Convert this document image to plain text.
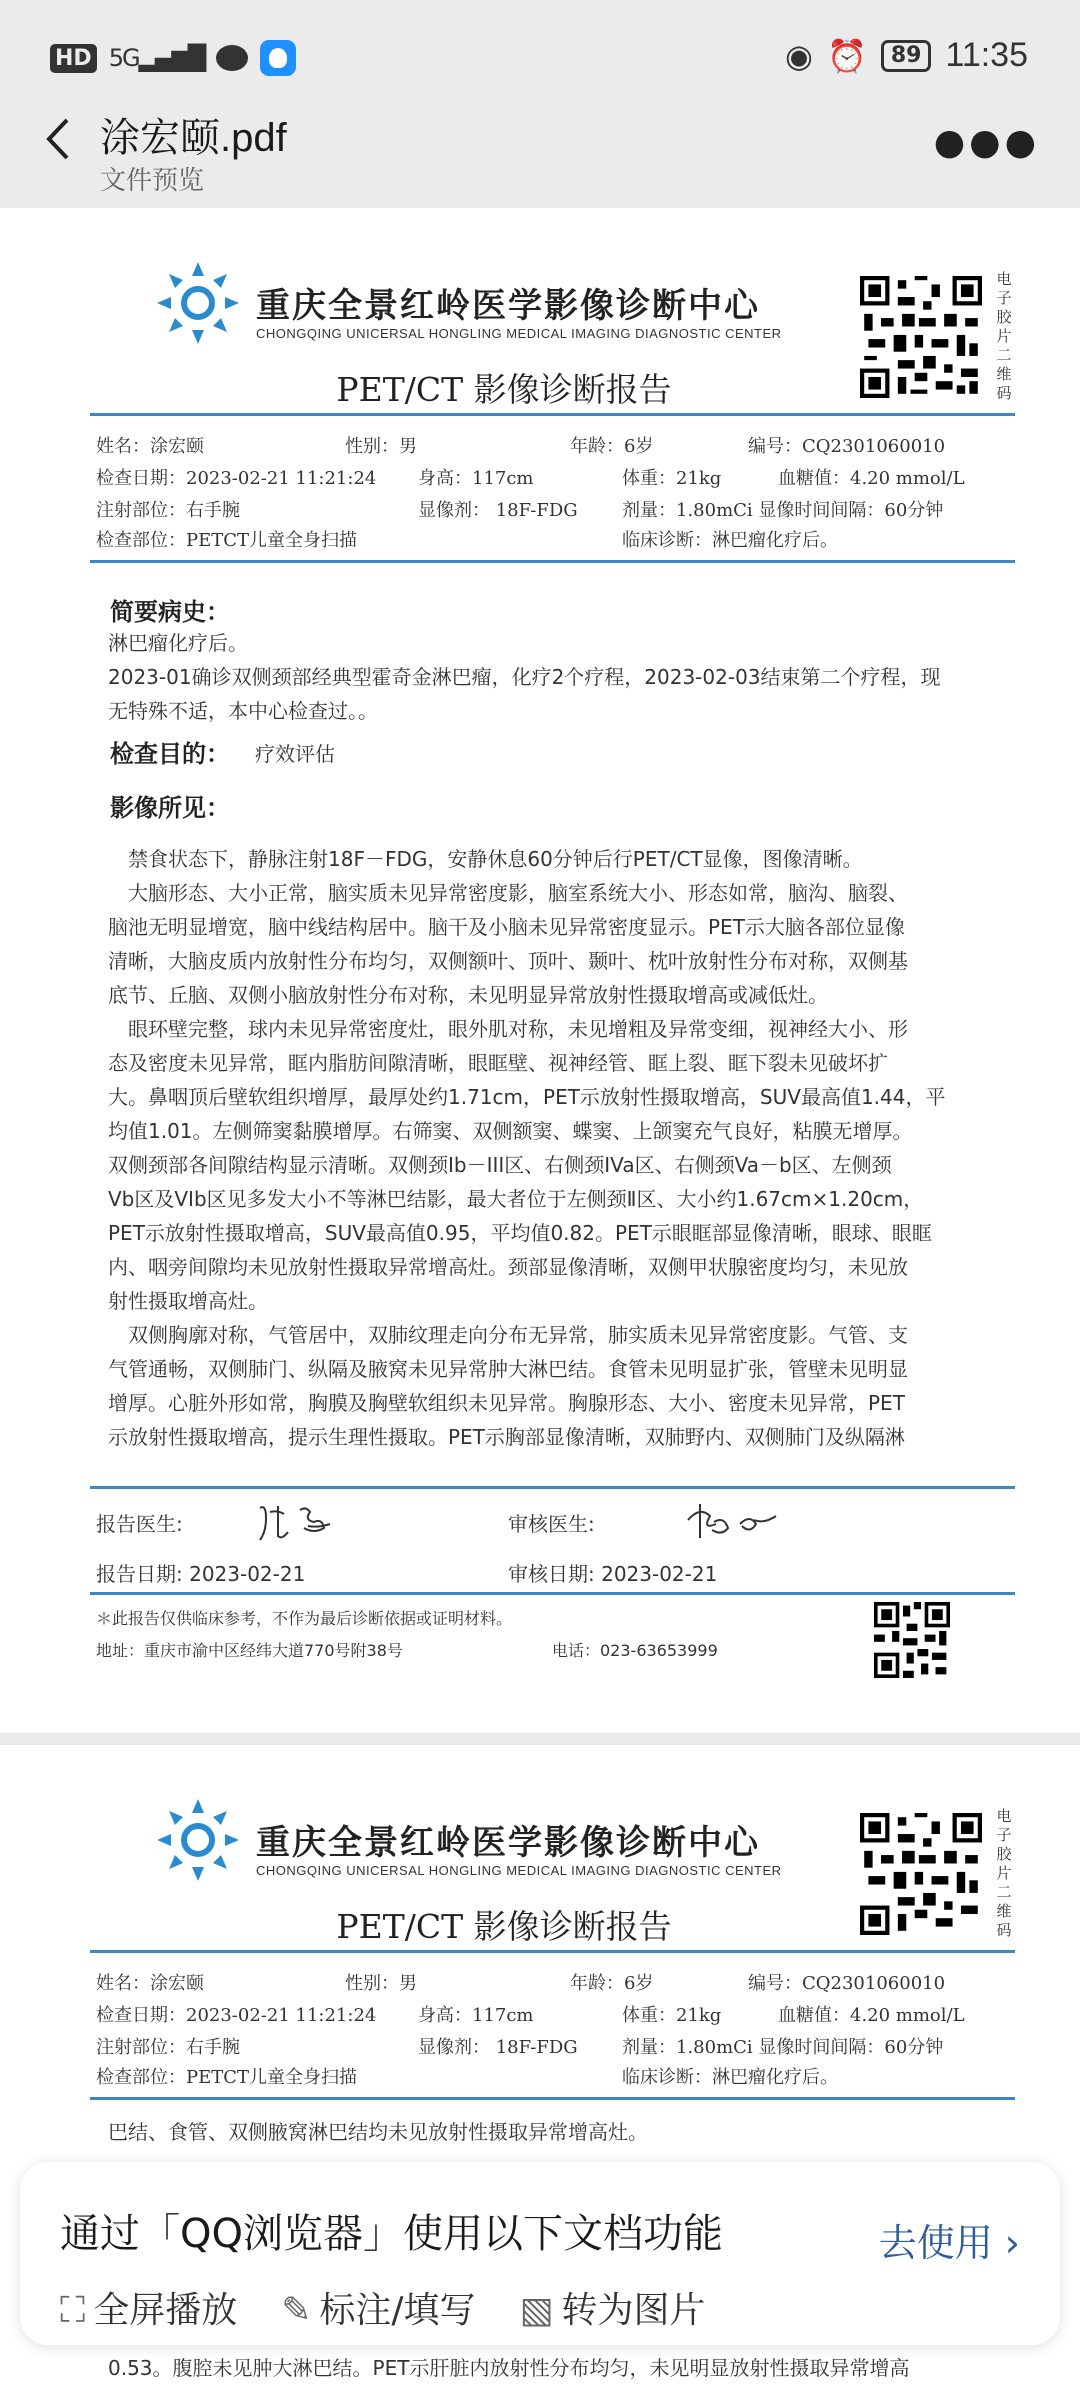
HD 5G▂▄▆█	◉ ⏰	89 11:35
涂宏颐.pdf
文件预览
●●●
重庆全景红岭医学影像诊断中心
CHONGQING UNICERSAL HONGLING MEDICAL IMAGING DIAGNOSTIC CENTER
电子胶片二维码
PET/CT 影像诊断报告
姓名：涂宏颐	性别：男	年龄：6岁	编号：CQ2301060010
检查日期：2023-02-21 11:21:24 身高：117cm	体重：21kg	血糖值：4.20 mmol/L
注射部位：右手腕	显像剂： 18F-FDG 剂量：1.80mCi 显像时间间隔：60分钟
检查部位：PETCT儿童全身扫描	临床诊断：淋巴瘤化疗后。
简要病史：
淋巴瘤化疗后。
2023-01确诊双侧颈部经典型霍奇金淋巴瘤，化疗2个疗程，2023-02-03结束第二个疗程，现
无特殊不适，本中心检查过。。
检查目的： 疗效评估
影像所见：
　禁食状态下，静脉注射18F－FDG，安静休息60分钟后行PET/CT显像，图像清晰。
　大脑形态、大小正常，脑实质未见异常密度影，脑室系统大小、形态如常，脑沟、脑裂、
脑池无明显增宽，脑中线结构居中。脑干及小脑未见异常密度显示。PET示大脑各部位显像
清晰，大脑皮质内放射性分布均匀，双侧额叶、顶叶、颞叶、枕叶放射性分布对称，双侧基
底节、丘脑、双侧小脑放射性分布对称，未见明显异常放射性摄取增高或减低灶。
　眼环壁完整，球内未见异常密度灶，眼外肌对称，未见增粗及异常变细，视神经大小、形
态及密度未见异常，眶内脂肪间隙清晰，眼眶壁、视神经管、眶上裂、眶下裂未见破坏扩
大。鼻咽顶后壁软组织增厚，最厚处约1.71cm，PET示放射性摄取增高，SUV最高值1.44，平
均值1.01。左侧筛窦黏膜增厚。右筛窦、双侧额窦、蝶窦、上颌窦充气良好，粘膜无增厚。
双侧颈部各间隙结构显示清晰。双侧颈Ib－III区、右侧颈IVa区、右侧颈Va－b区、左侧颈
Vb区及VIb区见多发大小不等淋巴结影，最大者位于左侧颈Ⅱ区、大小约1.67cm×1.20cm，
PET示放射性摄取增高，SUV最高值0.95，平均值0.82。PET示眼眶部显像清晰，眼球、眼眶
内、咽旁间隙均未见放射性摄取异常增高灶。颈部显像清晰，双侧甲状腺密度均匀，未见放
射性摄取增高灶。
　双侧胸廓对称，气管居中，双肺纹理走向分布无异常，肺实质未见异常密度影。气管、支
气管通畅，双侧肺门、纵隔及腋窝未见异常肿大淋巴结。食管未见明显扩张，管壁未见明显
增厚。心脏外形如常，胸膜及胸壁软组织未见异常。胸腺形态、大小、密度未见异常，PET
示放射性摄取增高，提示生理性摄取。PET示胸部显像清晰，双肺野内、双侧肺门及纵隔淋
报告医生:	审核医生:
报告日期: 2023-02-21	审核日期: 2023-02-21
＊此报告仅供临床参考，不作为最后诊断依据或证明材料。
地址：重庆市渝中区经纬大道770号附38号	电话：023-63653999
重庆全景红岭医学影像诊断中心
CHONGQING UNICERSAL HONGLING MEDICAL IMAGING DIAGNOSTIC CENTER
电子胶片二维码
PET/CT 影像诊断报告
姓名：涂宏颐	性别：男	年龄：6岁	编号：CQ2301060010
检查日期：2023-02-21 11:21:24 身高：117cm	体重：21kg	血糖值：4.20 mmol/L
注射部位：右手腕	显像剂： 18F-FDG 剂量：1.80mCi 显像时间间隔：60分钟
检查部位：PETCT儿童全身扫描	临床诊断：淋巴瘤化疗后。
巴结、食管、双侧腋窝淋巴结均未见放射性摄取异常增高灶。
通过「QQ浏览器」使用以下文档功能	去使用 ›
⛶ 全屏播放 ✎ 标注/填写 ▧ 转为图片
0.53。腹腔未见肿大淋巴结。PET示肝脏内放射性分布均匀，未见明显放射性摄取异常增高
